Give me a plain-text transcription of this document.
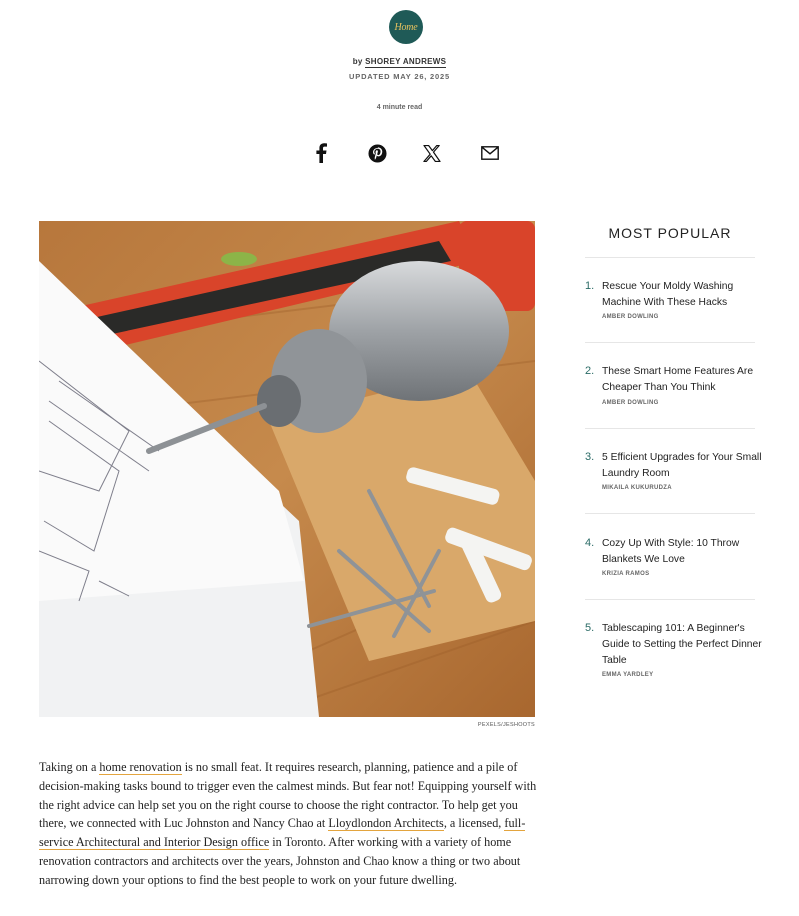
Home
by SHOREY ANDREWS
UPDATED MAY 26, 2025
4 minute read
PEXELS/JESHOOTS
Taking on a home renovation is no small feat. It requires research, planning, patience and a pile of decision-making tasks bound to trigger even the calmest minds. But fear not! Equipping yourself with the right advice can help set you on the right course to choose the right contractor. To help get you there, we connected with Luc Johnston and Nancy Chao at Lloydlondon Architects, a licensed, full-service Architectural and Interior Design office in Toronto. After working with a variety of home renovation contractors and architects over the years, Johnston and Chao know a thing or two about narrowing down your options to find the best people to work on your future dwelling.
MOST POPULAR
1. Rescue Your Moldy Washing Machine With These Hacks
AMBER DOWLING
2. These Smart Home Features Are Cheaper Than You Think
AMBER DOWLING
3. 5 Efficient Upgrades for Your Small Laundry Room
MIKAILA KUKURUDZA
4. Cozy Up With Style: 10 Throw Blankets We Love
KRIZIA RAMOS
5. Tablescaping 101: A Beginner's Guide to Setting the Perfect Dinner Table
EMMA YARDLEY
